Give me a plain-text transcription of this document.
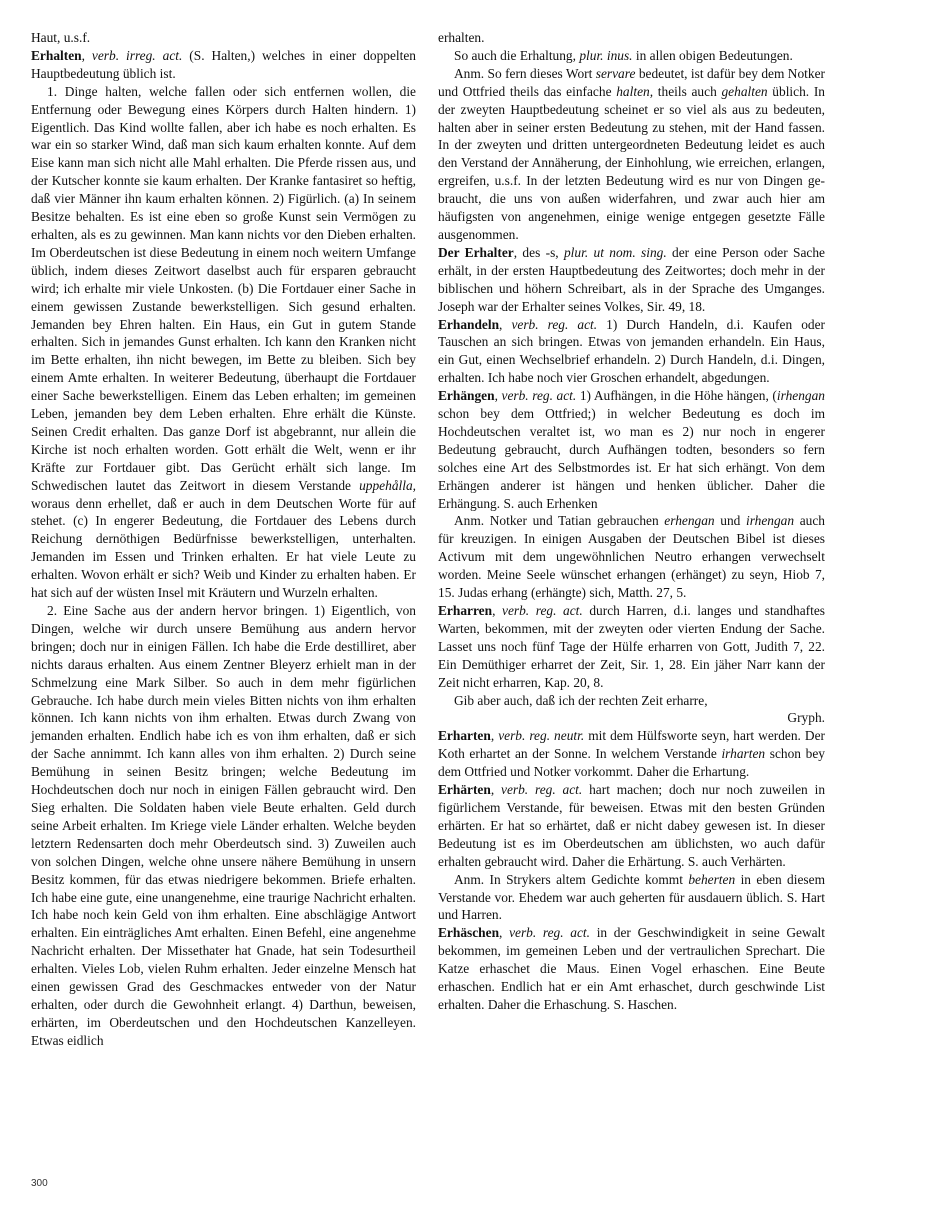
Haut, u.s.f.

Erhalten, verb. irreg. act. (S. Halten,) welches in einer doppelten Hauptbedeutung üblich ist.

1. Dinge halten, welche fallen oder sich entfernen wollen, die Entfernung oder Bewegung eines Körpers durch Halten hindern. 1) Eigentlich. Das Kind wollte fallen, aber ich habe es noch erhalten. Es war ein so starker Wind, daß man sich kaum erhalten konnte. Auf dem Eise kann man sich nicht alle Mahl erhalten. Die Pferde rissen aus, und der Kutscher konnte sie kaum erhalten. Der Kranke fantasiret so heftig, daß vier Männer ihn kaum erhalten können. 2) Figürlich. (a) In seinem Besitze behalten. Es ist eine eben so große Kunst sein Vermögen zu erhalten, als es zu gewinnen. Man kann nichts vor den Dieben erhalten. Im Oberdeutschen ist diese Bedeutung in einem noch weitern Umfange üblich, indem dieses Zeitwort daselbst auch für ersparen gebraucht wird; ich erhalte mir viele Unkosten. (b) Die Fortdauer einer Sache in einem gewissen Zustande bewerkstelligen. Sich gesund erhalten. Jemanden bey Ehren halten. Ein Haus, ein Gut in gutem Stande erhalten. Sich in jemandes Gunst erhalten. Ich kann den Kranken nicht im Bette erhalten, ihn nicht bewegen, im Bette zu bleiben. Sich bey einem Amte erhalten. In weiterer Bedeutung, überhaupt die Fortdauer einer Sache bewerkstelligen. Einem das Leben erhalten; im gemeinen Leben, jemanden bey dem Leben erhalten. Ehre erhält die Künste. Seinen Credit erhalten. Das ganze Dorf ist abgebrannt, nur allein die Kirche ist noch erhalten worden. Gott erhält die Welt, wenn er ihr Kräfte zur Fortdauer gibt. Das Gerücht erhält sich lange. Im Schwedischen lautet das Zeitwort in diesem Verstande uppehålla, woraus denn erhellet, daß er auch in dem Deutschen Worte für auf stehet. (c) In engerer Bedeutung, die Fortdauer des Lebens durch Reichung dernöthigen Bedürfnisse bewerkstelligen, unterhalten. Jemanden im Essen und Trinken erhalten. Er hat viele Leute zu erhalten. Wovon erhält er sich? Weib und Kinder zu erhalten haben. Er hat sich auf der wüsten Insel mit Kräutern und Wurzeln erhalten.

2. Eine Sache aus der andern hervor bringen. 1) Eigentlich, von Dingen, welche wir durch unsere Bemühung aus andern hervor bringen; doch nur in einigen Fällen. Ich habe die Erde destilliret, aber nichts daraus erhalten. Aus einem Zentner Bleyerz erhielt man in der Schmelzung eine Mark Silber. So auch in dem mehr figürlichen Gebrauche. Ich habe durch mein vieles Bitten nichts von ihm erhalten können. Ich kann nichts von ihm erhalten. Etwas durch Zwang von jemanden erhalten. Endlich habe ich es von ihm erhalten, daß er sich der Sache annimmt. Ich kann alles von ihm erhalten. 2) Durch seine Bemühung in seinen Besitz bringen; welche Bedeutung im Hochdeutschen doch nur noch in einigen Fällen gebraucht wird. Den Sieg erhalten. Die Soldaten haben viele Beute erhalten. Geld durch seine Arbeit erhalten. Im Kriege viele Länder erhalten. Welche beyden letztern Redensarten doch mehr Oberdeutsch sind. 3) Zuweilen auch von solchen Dingen, welche ohne unsere nähere Bemühung in unsern Besitz kommen, für das etwas niedrigere bekommen. Briefe erhalten. Ich habe eine gute, eine unangenehme, eine traurige Nachricht erhalten. Ich habe noch kein Geld von ihm erhalten. Eine abschlägige Antwort erhalten. Ein einträgliches Amt erhalten. Einen Befehl, eine angenehme Nachricht erhalten. Der Missethater hat Gnade, hat sein Todesurtheil erhalten. Vieles Lob, vielen Ruhm erhalten. Jeder einzelne Mensch hat einen gewissen Grad des Geschmackes entweder von der Natur erhalten, oder durch die Gewohnheit erlangt. 4) Darthun, beweisen, erhärten, im Oberdeutschen und den Hochdeutschen Kanzelleyen. Etwas eidlich

erhalten.

So auch die Erhaltung, plur. inus. in allen obigen Bedeutungen.

Anm. So fern dieses Wort servare bedeutet, ist dafür bey dem Notker und Ottfried theils das einfache halten, theils auch gehalten üblich. In der zweyten Hauptbedeutung scheinet er so viel als aus zu bedeuten, halten aber in seiner ersten Bedeutung zu stehen, mit der Hand fassen. In der zweyten und dritten untergeordneten Bedeutung leidet es auch den Verstand der Annäherung, der Einhohlung, wie erreichen, erlangen, ergreifen, u.s.f. In der letzten Bedeutung wird es nur von Dingen gebraucht, die uns von außen widerfahren, und zwar auch hier am häufigsten von angenehmen, einige wenige entgegen gesetzte Fälle ausgenommen.

Der Erhalter, des -s, plur. ut nom. sing. der eine Person oder Sache erhält, in der ersten Hauptbedeutung des Zeitwortes; doch mehr in der biblischen und höhern Schreibart, als in der Sprache des Umganges. Joseph war der Erhalter seines Volkes, Sir. 49, 18.

Erhandeln, verb. reg. act. 1) Durch Handeln, d.i. Kaufen oder Tauschen an sich bringen. Etwas von jemanden erhandeln. Ein Haus, ein Gut, einen Wechselbrief erhandeln. 2) Durch Handeln, d.i. Dingen, erhalten. Ich habe noch vier Groschen erhandelt, abgedungen.

Erhängen, verb. reg. act. 1) Aufhängen, in die Höhe hängen, (irhengan schon bey dem Ottfried;) in welcher Bedeutung es doch im Hochdeutschen veraltet ist, wo man es 2) nur noch in engerer Bedeutung gebraucht, durch Aufhängen todten, besonders so fern solches eine Art des Selbstmordes ist. Er hat sich erhängt. Von dem Erhängen anderer ist hängen und henken üblicher. Daher die Erhängung. S. auch Erhenken

Anm. Notker und Tatian gebrauchen erhengan und irhengan auch für kreuzigen. In einigen Ausgaben der Deutschen Bibel ist dieses Activum mit dem ungewöhnlichen Neutro erhangen verwechselt worden. Meine Seele wünschet erhangen (erhänget) zu seyn, Hiob 7, 15. Judas erhang (erhängte) sich, Matth. 27, 5.

Erharren, verb. reg. act. durch Harren, d.i. langes und standhaftes Warten, bekommen, mit der zweyten oder vierten Endung der Sache. Lasset uns noch fünf Tage der Hülfe erharren von Gott, Judith 7, 22. Ein Demüthiger erharret der Zeit, Sir. 1, 28. Ein jäher Narr kann der Zeit nicht erharren, Kap. 20, 8.

Gib aber auch, daß ich der rechten Zeit erharre,

Gryph.

Erharten, verb. reg. neutr. mit dem Hülfsworte seyn, hart werden. Der Koth erhartet an der Sonne. In welchem Verstande irharten schon bey dem Ottfried und Notker vorkommt. Daher die Erhartung.

Erhärten, verb. reg. act. hart machen; doch nur noch zuweilen in figürlichem Verstande, für beweisen. Etwas mit den besten Gründen erhärten. Er hat so erhärtet, daß er nicht dabey gewesen ist. In dieser Bedeutung ist es im Oberdeutschen am üblichsten, wo auch dafür erhalten gebraucht wird. Daher die Erhärtung. S. auch Verhärten.

Anm. In Strykers altem Gedichte kommt beherten in eben diesem Verstande vor. Ehedem war auch geherten für ausdauern üblich. S. Hart und Harren.

Erhäschen, verb. reg. act. in der Geschwindigkeit in seine Gewalt bekommen, im gemeinen Leben und der vertraulichen Sprechart. Die Katze erhaschet die Maus. Einen Vogel erhaschen. Eine Beute erhaschen. Endlich hat er ein Amt erhaschet, durch geschwinde List erhalten. Daher die Erhaschung. S. Haschen.

300
